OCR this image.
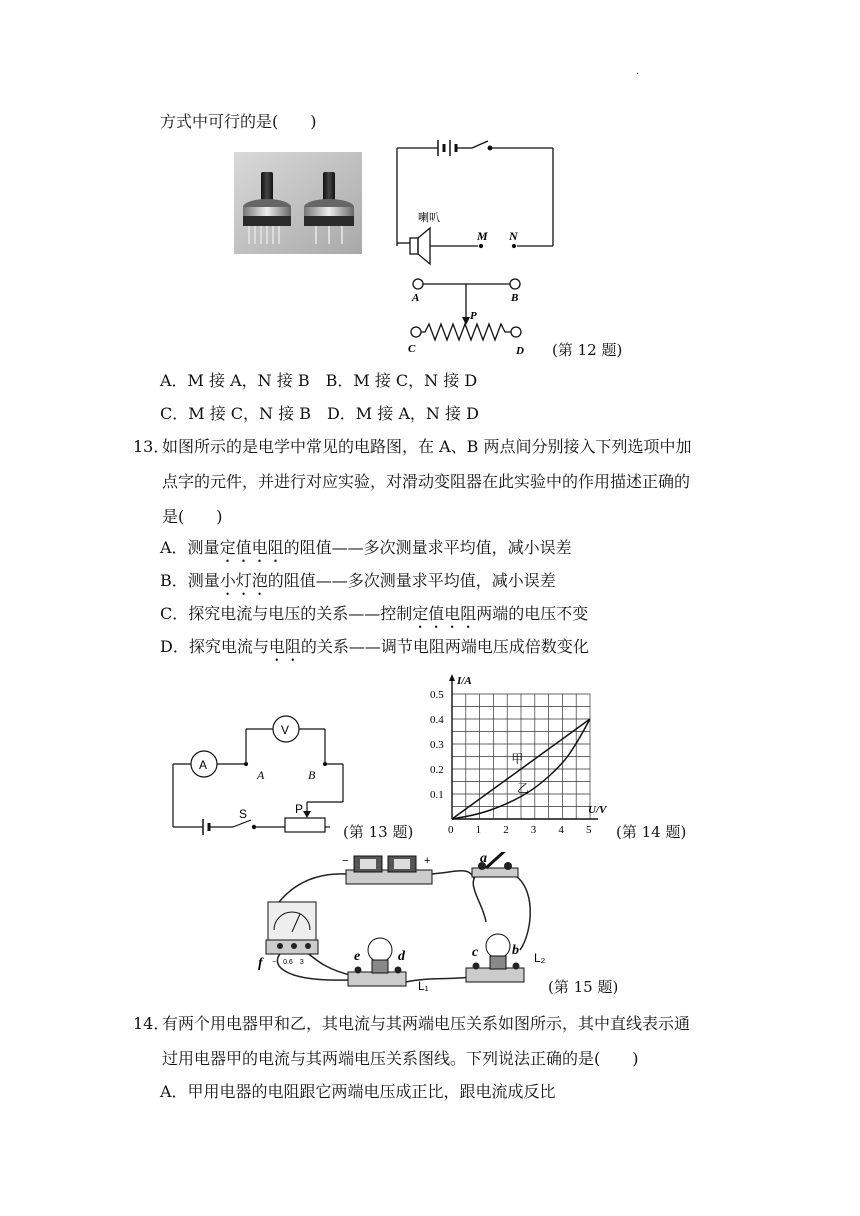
.
方式中可行的是(　　)
喇叭
M N
A	B
P
C	D (第 12 题)
A．M 接 A，N 接 B　B．M 接 C，N 接 D
C．M 接 C，N 接 B　D．M 接 A，N 接 D
13．
如图所示的是电学中常见的电路图，在 A、B 两点间分别接入下列选项中加
点字的元件，并进行对应实验，对滑动变阻器在此实验中的作用描述正确的
是(　　)
A．测量定值电阻的阻值——多次测量求平均值，减小误差
B．测量小灯泡的阻值——多次测量求平均值，减小误差
C．探究电流与电压的关系——控制定值电阻两端的电压不变
D．探究电流与电阻的关系——调节电阻两端电压成倍数变化
A
V
A	B
S	P
(第 13 题)
甲
乙
0 1 2 3 4 5
0.1
0.2
0.3
0.4
0.5
I/A
U/V
(第 14 题)
−	+	a
−　0.6　3
f	e	d
L₁
c b L₂
(第 15 题)
14．
有两个用电器甲和乙，其电流与其两端电压关系如图所示，其中直线表示通
过用电器甲的电流与其两端电压关系图线。下列说法正确的是(　　)
A．甲用电器的电阻跟它两端电压成正比，跟电流成反比
